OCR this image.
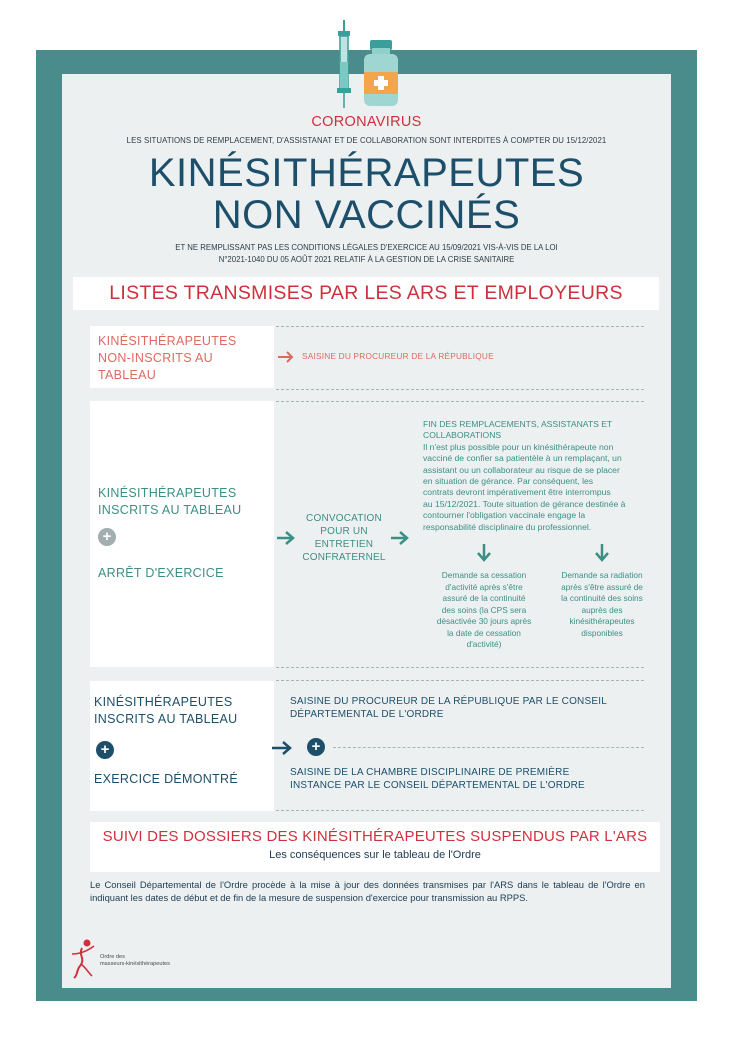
CORONAVIRUS
LES SITUATIONS DE REMPLACEMENT, D'ASSISTANAT ET DE COLLABORATION SONT INTERDITES À COMPTER DU 15/12/2021
KINÉSITHÉRAPEUTES
NON VACCINÉS
ET NE REMPLISSANT PAS LES CONDITIONS LÉGALES D'EXERCICE AU 15/09/2021 VIS-À-VIS DE LA LOI
N°2021-1040 DU 05 AOÛT 2021 RELATIF À LA GESTION DE LA CRISE SANITAIRE
LISTES TRANSMISES PAR LES ARS ET EMPLOYEURS
KINÉSITHÉRAPEUTES
NON-INSCRITS AU
TABLEAU
SAISINE DU PROCUREUR DE LA RÉPUBLIQUE
KINÉSITHÉRAPEUTES
INSCRITS AU TABLEAU
+
ARRÊT D'EXERCICE
CONVOCATION
POUR UN
ENTRETIEN
CONFRATERNEL
FIN DES REMPLACEMENTS, ASSISTANATS ET
COLLABORATIONS
Il n'est plus possible pour un kinésithérapeute non
vacciné de confier sa patientèle à un remplaçant, un
assistant ou un collaborateur au risque de se placer
en situation de gérance. Par conséquent, les
contrats devront impérativement être interrompus
au 15/12/2021. Toute situation de gérance destinée à
contourner l'obligation vaccinale engage la
responsabilité disciplinaire du professionnel.
Demande sa cessation
d'activité après s'être
assuré de la continuité
des soins (la CPS sera
désactivée 30 jours après
la date de cessation
d'activité)
Demande sa radiation
après s'être assuré de
la continuité des soins
auprès des
kinésithérapeutes
disponibles
KINÉSITHÉRAPEUTES
INSCRITS AU TABLEAU
+
EXERCICE DÉMONTRÉ
SAISINE DU PROCUREUR DE LA RÉPUBLIQUE PAR LE CONSEIL
DÉPARTEMENTAL DE L'ORDRE
+
SAISINE DE LA CHAMBRE DISCIPLINAIRE DE PREMIÈRE
INSTANCE PAR LE CONSEIL DÉPARTEMENTAL DE L'ORDRE
SUIVI DES DOSSIERS DES KINÉSITHÉRAPEUTES SUSPENDUS PAR L'ARS
Les conséquences sur le tableau de l'Ordre
Le Conseil Départemental de l'Ordre procède à la mise à jour des données transmises par l'ARS dans le tableau de l'Ordre en indiquant les dates de début et de fin de la mesure de suspension d'exercice pour transmission au RPPS.
Ordre des
masseurs-kinésithérapeutes
